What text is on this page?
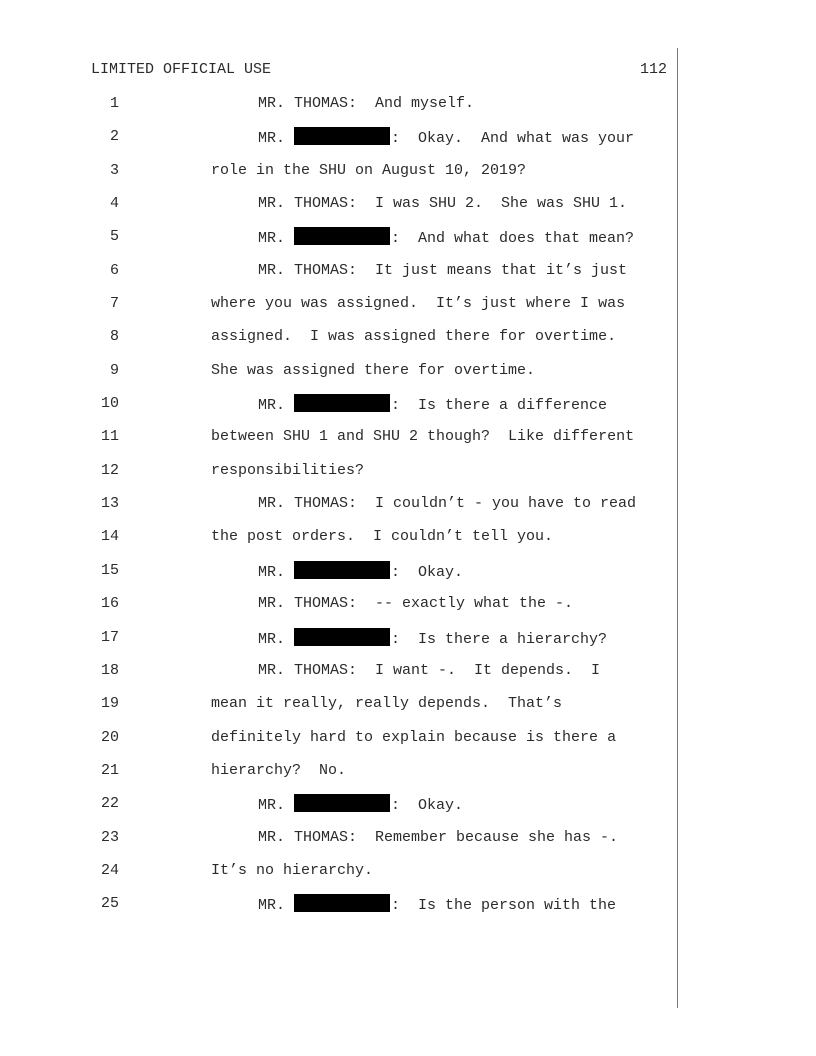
LIMITED OFFICIAL USE	112
1	MR. THOMAS:  And myself.
2	MR.	:  Okay.  And what was your
3	role in the SHU on August 10, 2019?
4	MR. THOMAS:  I was SHU 2.  She was SHU 1.
5	MR.	:  And what does that mean?
6	MR. THOMAS:  It just means that it’s just
7	where you was assigned.  It’s just where I was
8	assigned.  I was assigned there for overtime.
9	She was assigned there for overtime.
10	MR.	:  Is there a difference
11	between SHU 1 and SHU 2 though?  Like different
12	responsibilities?
13	MR. THOMAS:  I couldn’t - you have to read
14	the post orders.  I couldn’t tell you.
15	MR.	:  Okay.
16	MR. THOMAS:  -- exactly what the -.
17	MR.	:  Is there a hierarchy?
18	MR. THOMAS:  I want -.  It depends.  I
19	mean it really, really depends.  That’s
20	definitely hard to explain because is there a
21	hierarchy?  No.
22	MR.	:  Okay.
23	MR. THOMAS:  Remember because she has -.
24	It’s no hierarchy.
25	MR.	:  Is the person with the
